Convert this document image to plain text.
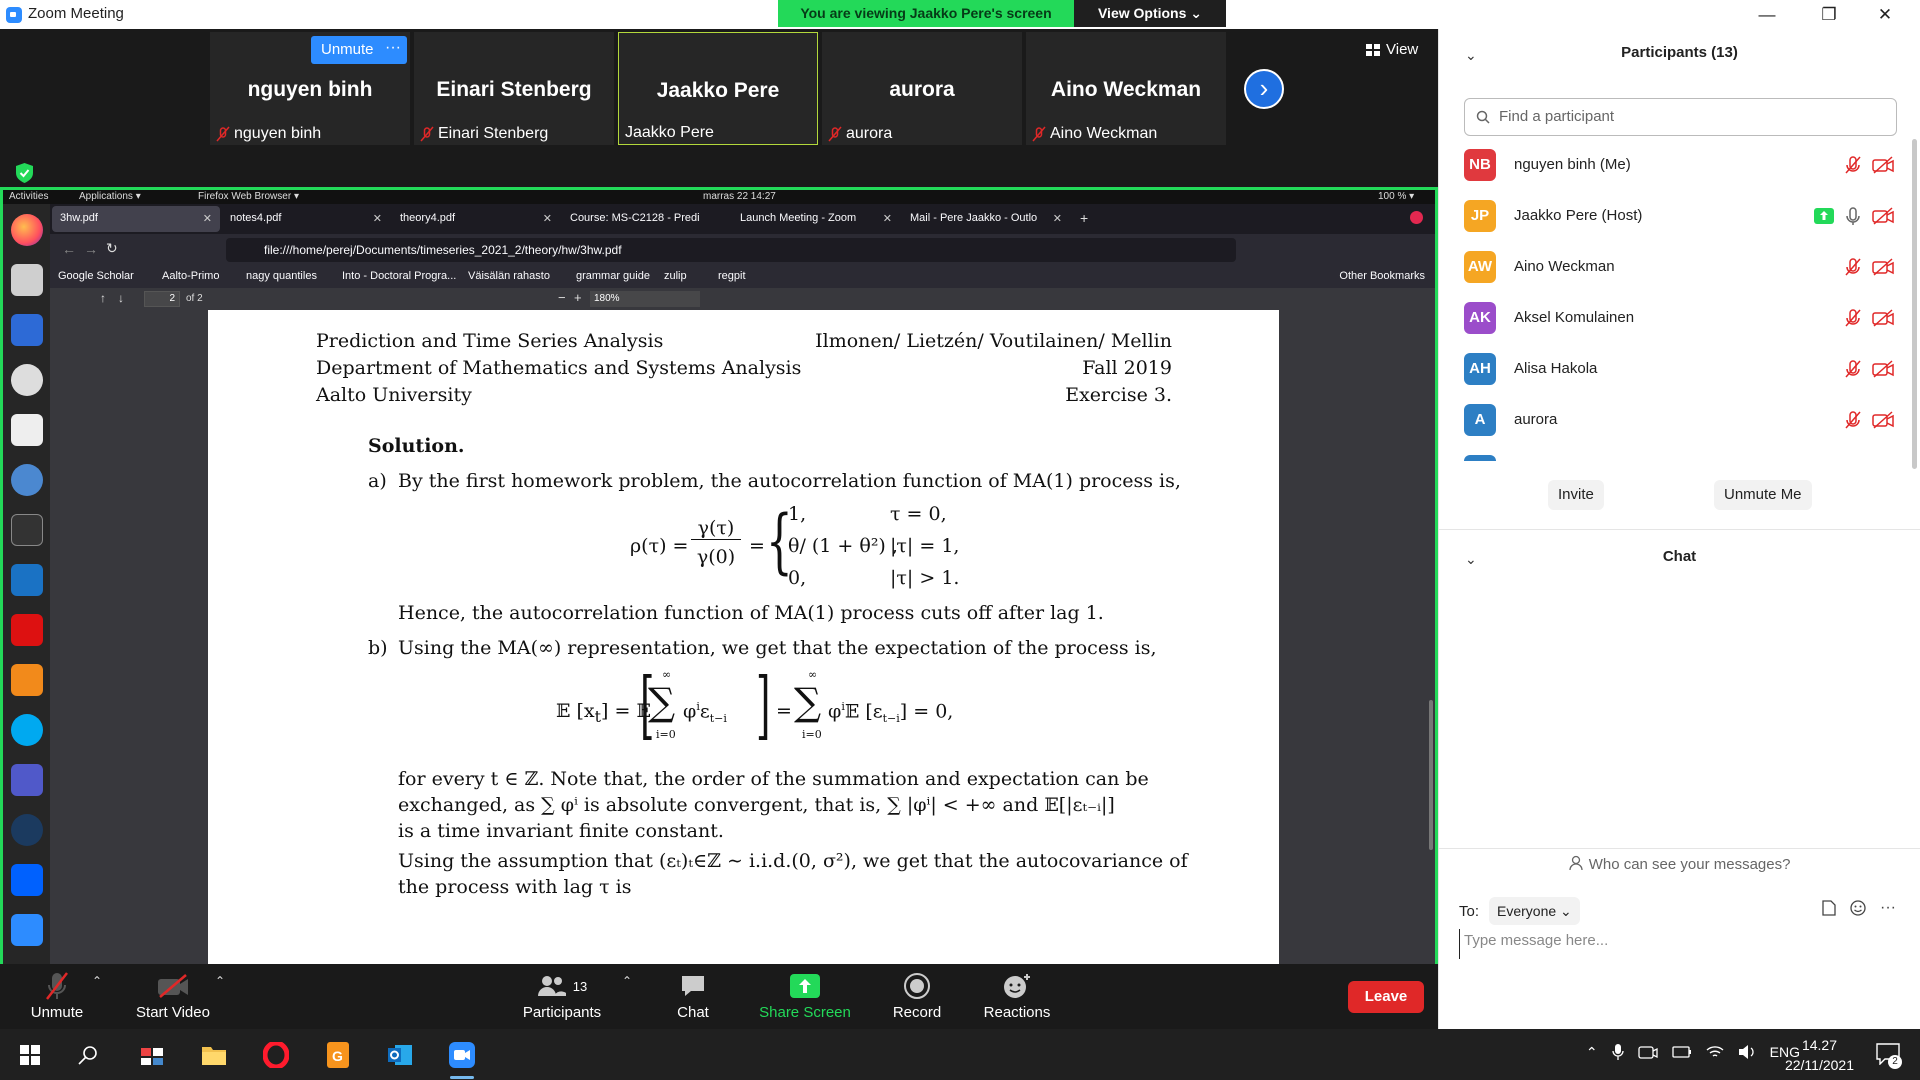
Zoom Meeting	—	❐	✕
You are viewing Jaakko Pere's screen	View Options ⌄
nguyen binh
nguyen binh
Einari Stenberg
Einari Stenberg
Jaakko Pere
Jaakko Pere
aurora
aurora
Aino Weckman
Aino Weckman
Unmute ···
›
View
Activities	Applications ▾	Firefox Web Browser ▾	marras 22 14:27	100 % ▾
3hw.pdf	✕	notes4.pdf	✕	theory4.pdf	✕	Course: MS-C2128 - Predi	Launch Meeting - Zoom ✕	Mail - Pere Jaakko - Outlo ✕ +
← → ↻	file:///home/perej/Documents/timeseries_2021_2/theory/hw/3hw.pdf
Google Scholar	Aalto-Primo nagy quantiles Into - Doctoral Progra... Väisälän rahasto grammar guide zulip	regpit	Other Bookmarks
↑ ↓	2	of 2	− +	180%
Prediction and Time Series Analysis
Department of Mathematics and Systems Analysis
Aalto University
Ilmonen/ Lietzén/ Voutilainen/ Mellin
Fall 2019
Exercise 3.
Solution.
a) By the first homework problem, the autocorrelation function of MA(1) process is,
ρ(τ) =
γ(τ)
γ(0) = {
1,	τ = 0,
θ/ (1 + θ²) ,
|τ| = 1,
0,	|τ| > 1.
Hence, the autocorrelation function of MA(1) process cuts off after lag 1.
b) Using the MA(∞) representation, we get that the expectation of the process is,
𝔼 $[x_t]$ = 𝔼
[ ∞
∑
i=0
$\varphi^i\varepsilon_{t-i}$ ] =
∞
∑
i=0
$\varphi^i𝔼$ $[\varepsilon_{t-i}] = 0$,
for every t ∈ ℤ. Note that, the order of the summation and expectation can be
exchanged, as ∑ φⁱ is absolute convergent, that is, ∑ |φⁱ| < +∞ and 𝔼[|εₜ₋ᵢ|]
is a time invariant finite constant.
Using the assumption that (εₜ)ₜ∈ℤ ∼ i.i.d.(0, σ²), we get that the autocovariance of
the process with lag τ is
Unmute
⌃
Start Video
⌃	13
Participants
⌃
Chat	Share Screen	Record	Reactions
Leave
⌄	Participants (13)
Find a participant
NB	nguyen binh (Me)
JP	Jaakko Pere (Host)
AW Aino Weckman
AK	Aksel Komulainen
AH	Alisa Hakola
A	aurora
Invite	Unmute Me
⌄	Chat
Who can see your messages?
To:	Everyone ⌄	···
Type message here...
G	⌃	ENG 14.27
22/11/2021	2
